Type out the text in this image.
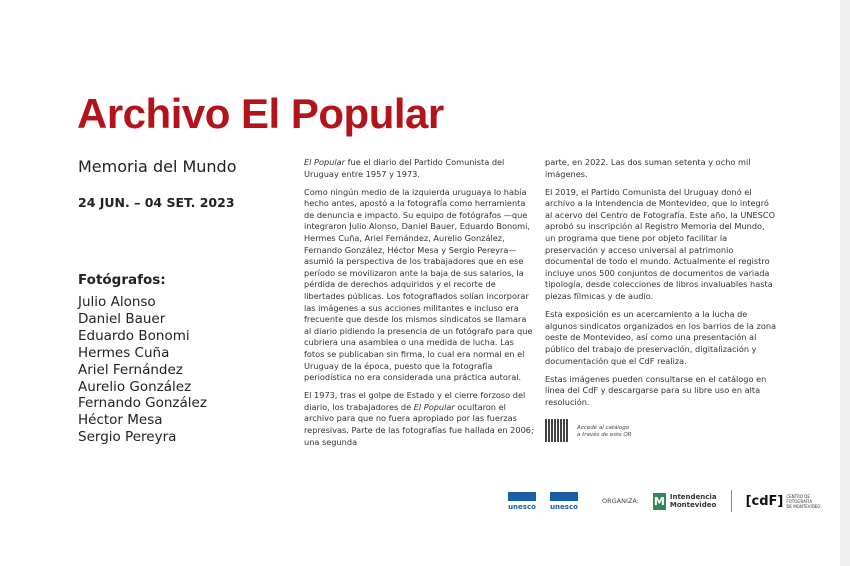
Archivo El Popular
Memoria del Mundo
24 JUN. – 04 SET. 2023
Fotógrafos:
Julio Alonso
Daniel Bauer
Eduardo Bonomi
Hermes Cuña
Ariel Fernández
Aurelio González
Fernando González
Héctor Mesa
Sergio Pereyra

El Popular fue el diario del Partido Comunista del Uruguay entre 1957 y 1973.

Como ningún medio de la izquierda uruguaya lo había hecho antes, apostó a la fotografía como herramienta de denuncia e impacto. Su equipo de fotógrafos —que integraron Julio Alonso, Daniel Bauer, Eduardo Bonomi, Hermes Cuña, Ariel Fernández, Aurelio González, Fernando González, Héctor Mesa y Sergio Pereyra— asumió la perspectiva de los trabajadores que en ese período se movilizaron ante la baja de sus salarios, la pérdida de derechos adquiridos y el recorte de libertades públicas. Los fotografiados solían incorporar las imágenes a sus acciones militantes e incluso era frecuente que desde los mismos sindicatos se llamara al diario pidiendo la presencia de un fotógrafo para que cubriera una asamblea o una medida de lucha. Las fotos se publicaban sin firma, lo cual era normal en el Uruguay de la época, puesto que la fotografía periodística no era considerada una práctica autoral.

El 1973, tras el golpe de Estado y el cierre forzoso del diario, los trabajadores de El Popular ocultaron el archivo para que no fuera apropiado por las fuerzas represivas. Parte de las fotografías fue hallada en 2006; una segunda

parte, en 2022. Las dos suman setenta y ocho mil imágenes.

El 2019, el Partido Comunista del Uruguay donó el archivo a la Intendencia de Montevideo, que lo integró al acervo del Centro de Fotografía. Este año, la UNESCO aprobó su inscripción al Registro Memoria del Mundo, un programa que tiene por objeto facilitar la preservación y acceso universal al patrimonio documental de todo el mundo. Actualmente el registro incluye unos 500 conjuntos de documentos de variada tipología, desde colecciones de libros invaluables hasta piezas fílmicas y de audio.

Esta exposición es un acercamiento a la lucha de algunos sindicatos organizados en los barrios de la zona oeste de Montevideo, así como una presentación al público del trabajo de preservación, digitalización y documentación que el CdF realiza.

Estas imágenes pueden consultarse en el catálogo en línea del CdF y descargarse para su libre uso en alta resolución.

Accedé al catálogo
a través de este QR
unesco unesco
ORGANIZA: M Intendencia
Montevideo [cdF] CENTRO DE
FOTOGRAFÍA
DE MONTEVIDEO
